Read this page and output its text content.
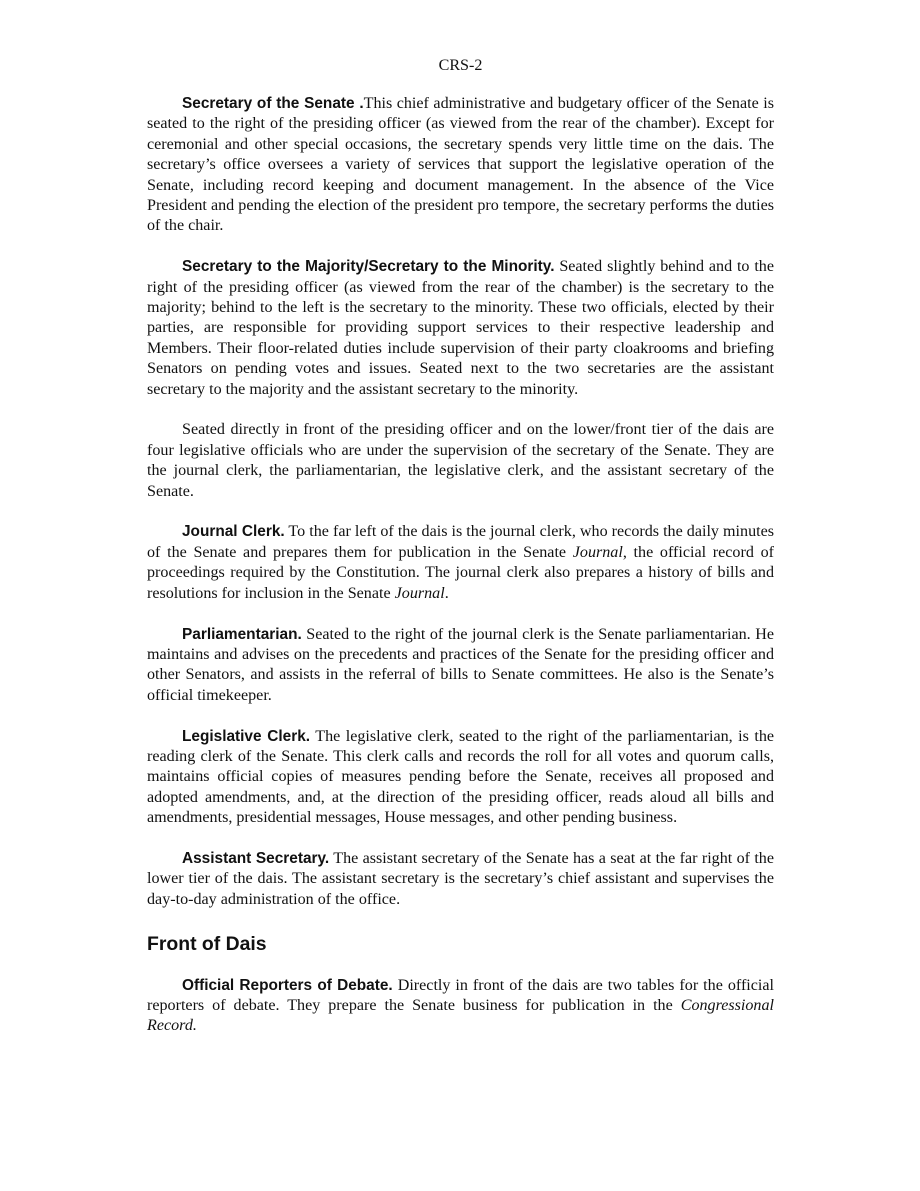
CRS-2

Secretary of the Senate .This chief administrative and budgetary officer of the Senate is seated to the right of the presiding officer (as viewed from the rear of the chamber). Except for ceremonial and other special occasions, the secretary spends very little time on the dais. The secretary’s office oversees a variety of services that support the legislative operation of the Senate, including record keeping and document management. In the absence of the Vice President and pending the election of the president pro tempore, the secretary performs the duties of the chair.

Secretary to the Majority/Secretary to the Minority. Seated slightly behind and to the right of the presiding officer (as viewed from the rear of the chamber) is the secretary to the majority; behind to the left is the secretary to the minority. These two officials, elected by their parties, are responsible for providing support services to their respective leadership and Members. Their floor-related duties include supervision of their party cloakrooms and briefing Senators on pending votes and issues. Seated next to the two secretaries are the assistant secretary to the majority and the assistant secretary to the minority.

Seated directly in front of the presiding officer and on the lower/front tier of the dais are four legislative officials who are under the supervision of the secretary of the Senate. They are the journal clerk, the parliamentarian, the legislative clerk, and the assistant secretary of the Senate.

Journal Clerk. To the far left of the dais is the journal clerk, who records the daily minutes of the Senate and prepares them for publication in the Senate Journal, the official record of proceedings required by the Constitution. The journal clerk also prepares a history of bills and resolutions for inclusion in the Senate Journal.

Parliamentarian. Seated to the right of the journal clerk is the Senate parliamentarian. He maintains and advises on the precedents and practices of the Senate for the presiding officer and other Senators, and assists in the referral of bills to Senate committees. He also is the Senate’s official timekeeper.

Legislative Clerk. The legislative clerk, seated to the right of the parliamentarian, is the reading clerk of the Senate. This clerk calls and records the roll for all votes and quorum calls, maintains official copies of measures pending before the Senate, receives all proposed and adopted amendments, and, at the direction of the presiding officer, reads aloud all bills and amendments, presidential messages, House messages, and other pending business.

Assistant Secretary. The assistant secretary of the Senate has a seat at the far right of the lower tier of the dais. The assistant secretary is the secretary’s chief assistant and supervises the day-to-day administration of the office.

Front of Dais

Official Reporters of Debate. Directly in front of the dais are two tables for the official reporters of debate. They prepare the Senate business for publication in the Congressional Record.
